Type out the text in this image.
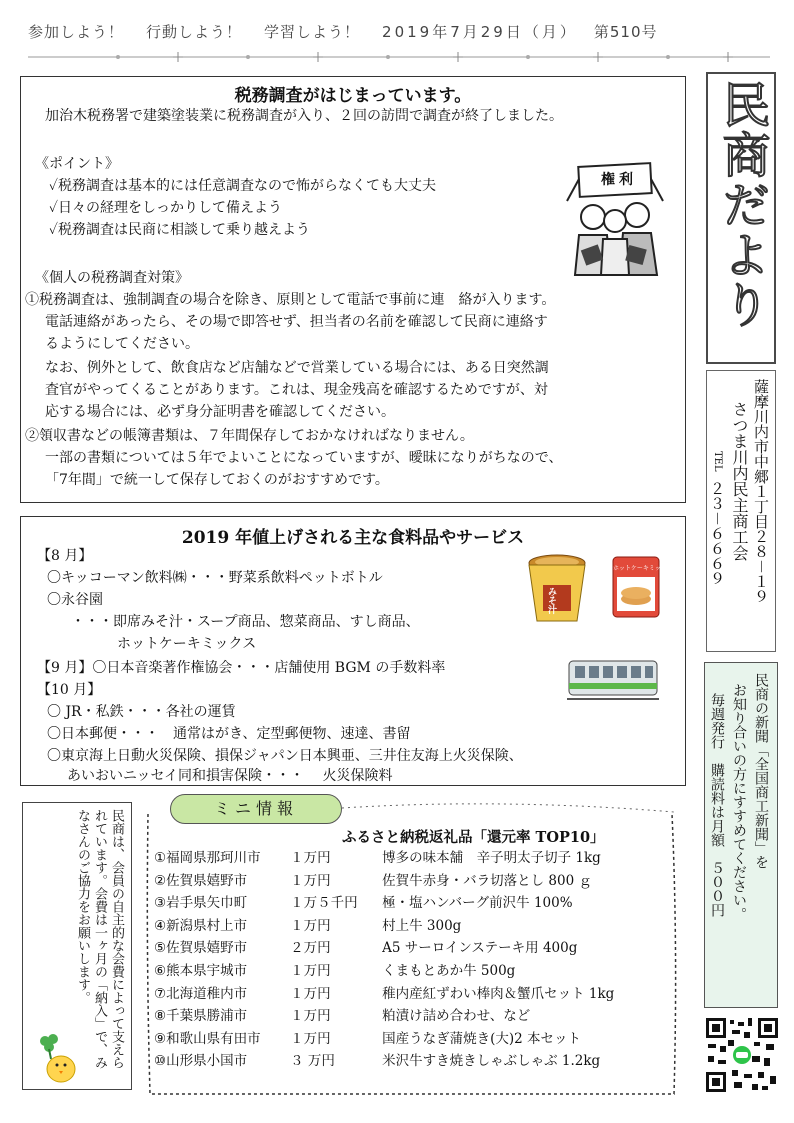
参加しよう！ 行動しよう！ 学習しよう！ 2019年7月29日（月） 第510号
税務調査がはじまっています。
加治木税務署で建築塗装業に税務調査が入り、２回の訪問で調査が終了しました。
《ポイント》
✓税務調査は基本的には任意調査なので怖がらなくても大丈夫
✓日々の経理をしっかりして備えよう
✓税務調査は民商に相談して乗り越えよう
権利
《個人の税務調査対策》
①税務調査は、強制調査の場合を除き、原則として電話で事前に連　絡が入ります。
電話連絡があったら、その場で即答せず、担当者の名前を確認して民商に連絡す
るようにしてください。
なお、例外として、飲食店など店舗などで営業している場合には、ある日突然調
査官がやってくることがあります。これは、現金残高を確認するためですが、対
応する場合には、必ず身分証明書を確認してください。
②領収書などの帳簿書類は、７年間保存しておかなければなりません。
一部の書類については５年でよいことになっていますが、曖昧になりがちなので、
「7年間」で統一して保存しておくのがおすすめです。
2019 年値上げされる主な食料品やサービス
【8 月】
〇キッコーマン飲料㈱・・・野菜系飲料ペットボトル
〇永谷園
・・・即席みそ汁・スープ商品、惣菜商品、すし商品、
ホットケーキミックス
【9 月】〇日本音楽著作権協会・・・店舗使用 BGM の手数料率
【10 月】
〇 JR・私鉄・・・各社の運賃
〇日本郵便・・・　通常はがき、定型郵便物、速達、書留
〇東京海上日動火災保険、損保ジャパン日本興亜、三井住友海上火災保険、
あいおいニッセイ同和損害保険・・・　 火災保険料
みそ汁
ホットケーキミックス
民商は、会員の自主的な会費によって支えられています。会費は一ヶ月の「納入」で、みなさんのご協力をお願いします。
ミニ情報
ふるさと納税返礼品「還元率 TOP10」
①福岡県那珂川市 １万円	博多の味本舗　辛子明太子切子 1kg
②佐賀県嬉野市	１万円	佐賀牛赤身・バラ切落とし 800 ｇ
③岩手県矢巾町	１万５千円 極・塩ハンバーグ前沢牛 100%
④新潟県村上市	１万円	村上牛 300g
⑤佐賀県嬉野市	２万円	A5 サーロインステーキ用 400g
⑥熊本県宇城市	１万円	くまもとあか牛 500g
⑦北海道稚内市	１万円	稚内産紅ずわい棒肉＆蟹爪セット 1kg
⑧千葉県勝浦市	１万円	粕漬け詰め合わせ、など
⑨和歌山県有田市 １万円	国産うなぎ蒲焼き(大)2 本セット
⑩山形県小国市	３ 万円	米沢牛すき焼きしゃぶしゃぶ 1.2kg
民商だより
薩摩川内市中郷１丁目２８－１９
さつま川内民主商工会
TEL
２３－６６６９
民商の新聞「全国商工新聞」を
お知り合いの方にすすめてください。
毎週発行　購読料は月額　５００円
